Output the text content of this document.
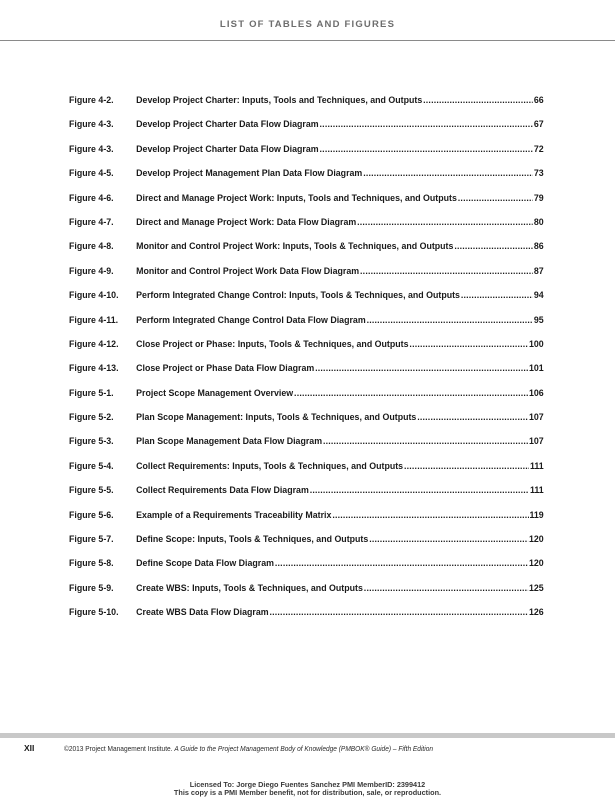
LIST OF TABLES AND FIGURES
Figure 4-2.	Develop Project Charter: Inputs, Tools and Techniques, and Outputs .....	66
Figure 4-3.	Develop Project Charter Data Flow Diagram .....	67
Figure 4-3.	Develop Project Charter Data Flow Diagram .....	72
Figure 4-5.	Develop Project Management Plan Data Flow Diagram .....	73
Figure 4-6.	Direct and Manage Project Work: Inputs, Tools and Techniques, and Outputs .....	79
Figure 4-7.	Direct and Manage Project Work: Data Flow Diagram .....	80
Figure 4-8.	Monitor and Control Project Work: Inputs, Tools & Techniques, and Outputs .....	86
Figure 4-9.	Monitor and Control Project Work Data Flow Diagram .....	87
Figure 4-10.	Perform Integrated Change Control: Inputs, Tools & Techniques, and Outputs .....	94
Figure 4-11.	Perform Integrated Change Control Data Flow Diagram .....	95
Figure 4-12.	Close Project or Phase: Inputs, Tools & Techniques, and Outputs .....	100
Figure 4-13.	Close Project or Phase Data Flow Diagram .....	101
Figure 5-1.	Project Scope Management Overview .....	106
Figure 5-2.	Plan Scope Management: Inputs, Tools & Techniques, and Outputs .....	107
Figure 5-3.	Plan Scope Management Data Flow Diagram .....	107
Figure 5-4.	Collect Requirements: Inputs, Tools & Techniques, and Outputs .....	111
Figure 5-5.	Collect Requirements Data Flow Diagram .....	111
Figure 5-6.	Example of a Requirements Traceability Matrix .....	119
Figure 5-7.	Define Scope: Inputs, Tools & Techniques, and Outputs .....	120
Figure 5-8.	Define Scope Data Flow Diagram .....	120
Figure 5-9.	Create WBS: Inputs, Tools & Techniques, and Outputs .....	125
Figure 5-10.	Create WBS Data Flow Diagram .....	126
XII	©2013 Project Management Institute. A Guide to the Project Management Body of Knowledge (PMBOK® Guide) – Fifth Edition
Licensed To: Jorge Diego Fuentes Sanchez PMI MemberID: 2399412
This copy is a PMI Member benefit, not for distribution, sale, or reproduction.
